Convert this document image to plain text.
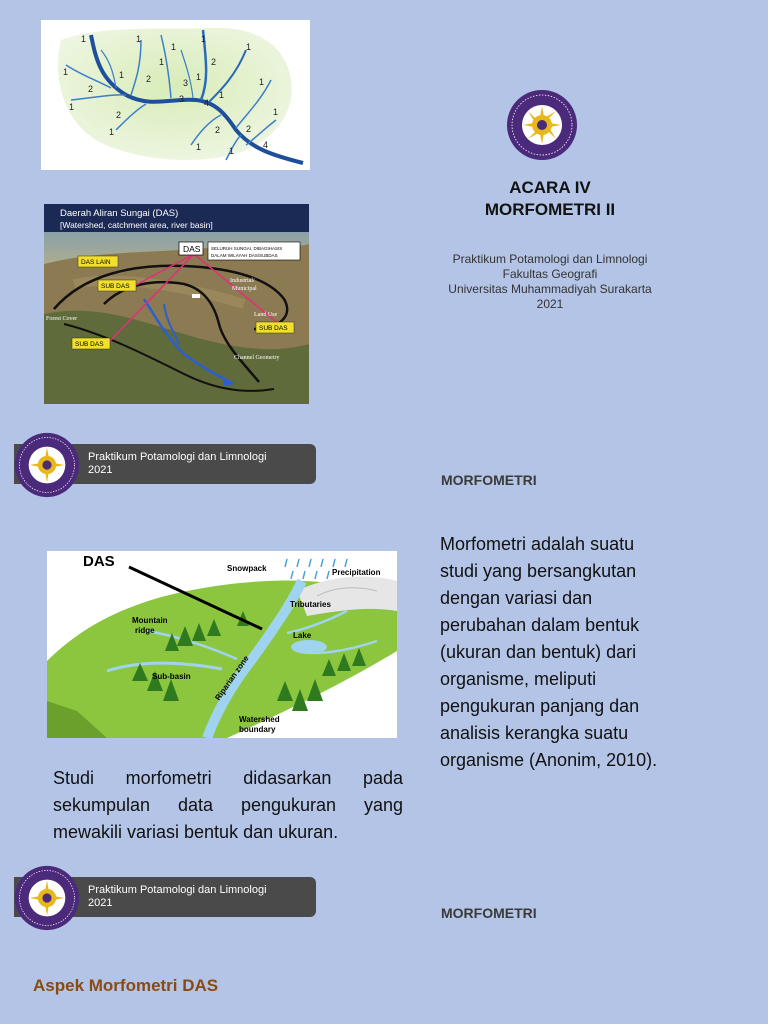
1	1
1
1
2
1
1
2
1 2
1
3
1
3 4
1
1
2
1
1
2
1	1
4
2
1
Daerah Aliran Sungai (DAS)
[Watershed, catchment area, river basin]
DAS SELURUH SUNGAI, DIBAGIHASIS
DALAM WILAYAH DAS/SUBDAS
DAS LAIN
SUB DAS
SUB DAS
SUB DAS
Industrial/
Municipal
Land Use
Forest Cover
Channel Geometry
ACARA IV
MORFOMETRI II
Praktikum Potamologi dan Limnologi
Fakultas Geografi
Universitas Muhammadiyah Surakarta
2021
Praktikum Potamologi dan Limnologi
2021
MORFOMETRI
Morfometri adalah suatu
studi yang bersangkutan
dengan variasi dan
perubahan dalam bentuk
(ukuran dan bentuk) dari
organisme, meliputi
pengukuran panjang dan
analisis kerangka suatu
organisme (Anonim, 2010).
DAS	Snowpack	Precipitation
Tributaries
Mountain
ridge
Lake
Sub-basin	Riparian zone
Watershed
boundary
Studi morfometri didasarkan pada sekumpulan data pengukuran yang mewakili variasi bentuk dan ukuran.
Praktikum Potamologi dan Limnologi
2021
MORFOMETRI
Aspek Morfometri DAS
